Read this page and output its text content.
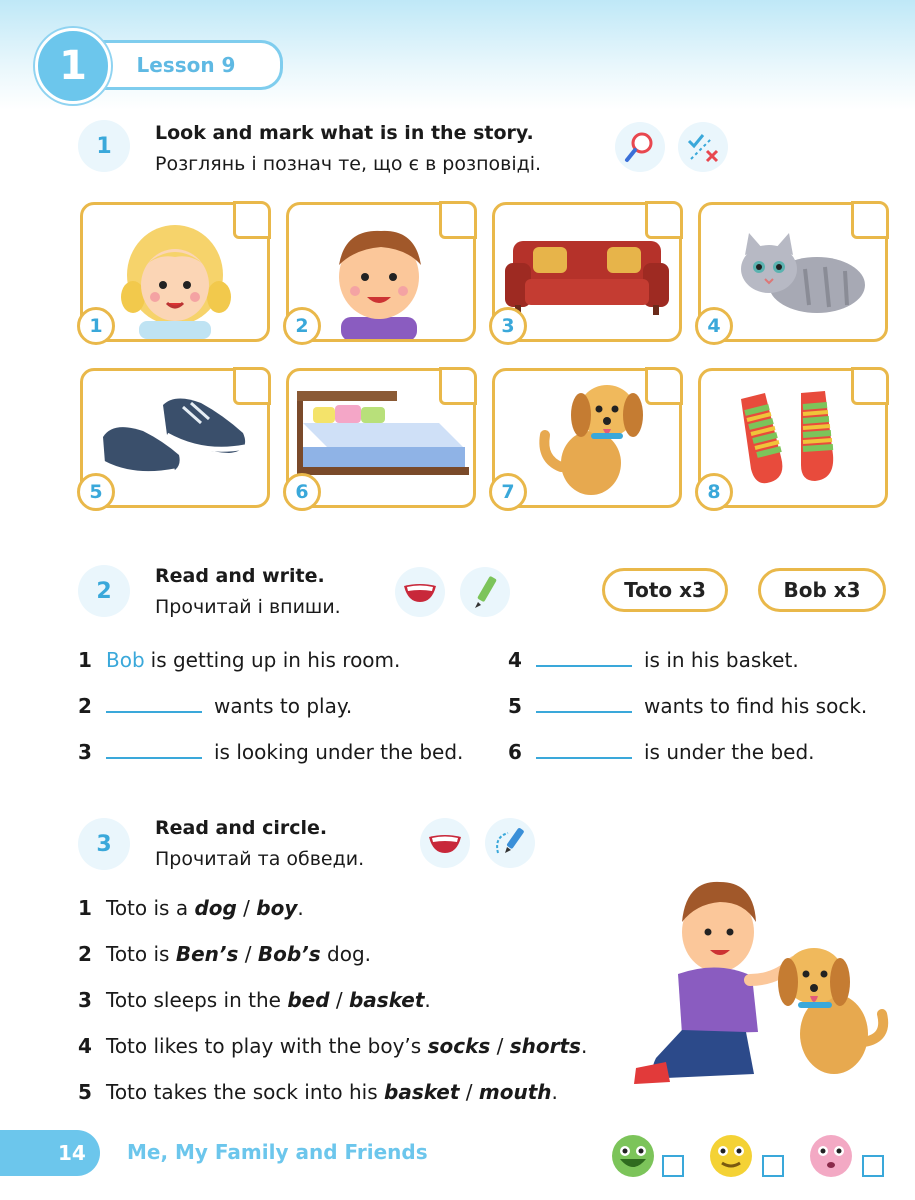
Lesson 9
1
1
Look and mark what is in the story.
Розглянь і познач те, що є в розповіді.
1	2	3	4
5	6	7	8
2
Read and write.
Прочитай і впиши.
Toto x3	Bob x3
1 Bob is getting up in his room.
2	wants to play.
3	is looking under the bed.
4	is in his basket.
5	wants to find his sock.
6	is under the bed.
3
Read and circle.
Прочитай та обведи.
1 Toto is a dog / boy .
2 Toto is Ben’s / Bob’s dog.
3 Toto sleeps in the bed / basket .
4 Toto likes to play with the boy’s socks / shorts .
5 Toto takes the sock into his basket / mouth .
14	Me, My Family and Friends
